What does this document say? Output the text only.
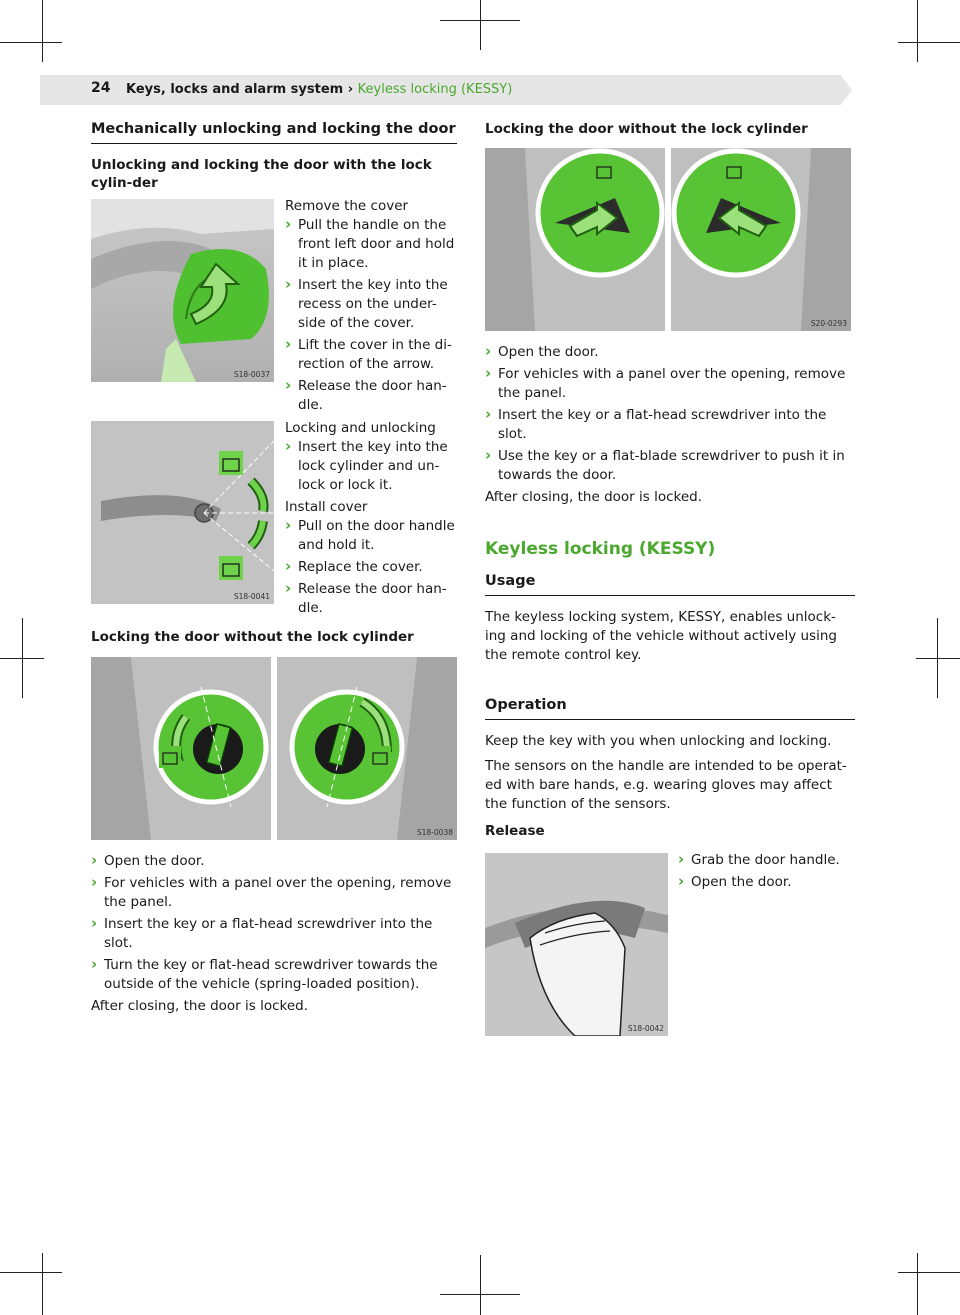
24 Keys, locks and alarm system › Keyless locking (KESSY)
Mechanically unlocking and locking the door
Unlocking and locking the door with the lock cylin-der
S18-0037
S18-0041
Remove the cover
› Pull the handle on the front left door and hold it in place.
› Insert the key into the recess on the under-side of the cover.
› Lift the cover in the di-rection of the arrow.
› Release the door han-dle.
Locking and unlocking
› Insert the key into the lock cylinder and un-lock or lock it.
Install cover
› Pull on the door handle and hold it.
› Replace the cover.
› Release the door han-dle.
Locking the door without the lock cylinder
S18-0038
› Open the door.
› For vehicles with a panel over the opening, remove the panel.
› Insert the key or a flat-head screwdriver into the slot.
› Turn the key or flat-head screwdriver towards the outside of the vehicle (spring-loaded position).
After closing, the door is locked.
Locking the door without the lock cylinder
S20-0293
› Open the door.
› For vehicles with a panel over the opening, remove the panel.
› Insert the key or a flat-head screwdriver into the slot.
› Use the key or a flat-blade screwdriver to push it in towards the door.
After closing, the door is locked.
Keyless locking (KESSY)
Usage
The keyless locking system, KESSY, enables unlock-ing and locking of the vehicle without actively using the remote control key.
Operation
Keep the key with you when unlocking and locking.
The sensors on the handle are intended to be operat-ed with bare hands, e.g. wearing gloves may affect the function of the sensors.
Release
S18-0042
› Grab the door handle.
› Open the door.
